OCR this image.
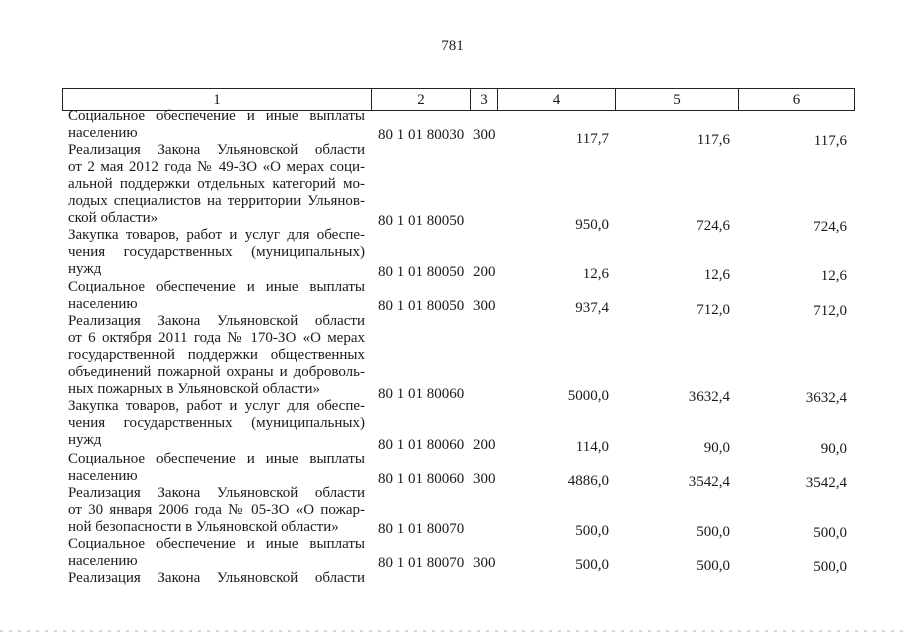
781
1	2	3	4	5	6
Социальное обеспечение и иные выплаты
населению	80 1 01 80030 300	117,7	117,6	117,6
Реализация Закона Ульяновской области
от 2 мая 2012 года № 49-ЗО «О мерах соци-
альной поддержки отдельных категорий мо-
лодых специалистов на территории Ульянов-
ской области»	80 1 01 80050	950,0	724,6	724,6
Закупка товаров, работ и услуг для обеспе-
чения государственных (муниципальных)
нужд	80 1 01 80050 200	12,6	12,6	12,6
Социальное обеспечение и иные выплаты
населению	80 1 01 80050 300	937,4	712,0	712,0
Реализация Закона Ульяновской области
от 6 октября 2011 года № 170-ЗО «О мерах
государственной поддержки общественных
объединений пожарной охраны и доброволь-
ных пожарных в Ульяновской области»	80 1 01 80060	5000,0	3632,4	3632,4
Закупка товаров, работ и услуг для обеспе-
чения государственных (муниципальных)
нужд	80 1 01 80060 200	114,0	90,0	90,0
Социальное обеспечение и иные выплаты
населению	80 1 01 80060 300	4886,0	3542,4	3542,4
Реализация Закона Ульяновской области
от 30 января 2006 года № 05-ЗО «О пожар-
ной безопасности в Ульяновской области»	80 1 01 80070	500,0	500,0	500,0
Социальное обеспечение и иные выплаты
населению	80 1 01 80070 300	500,0	500,0	500,0
Реализация Закона Ульяновской области
